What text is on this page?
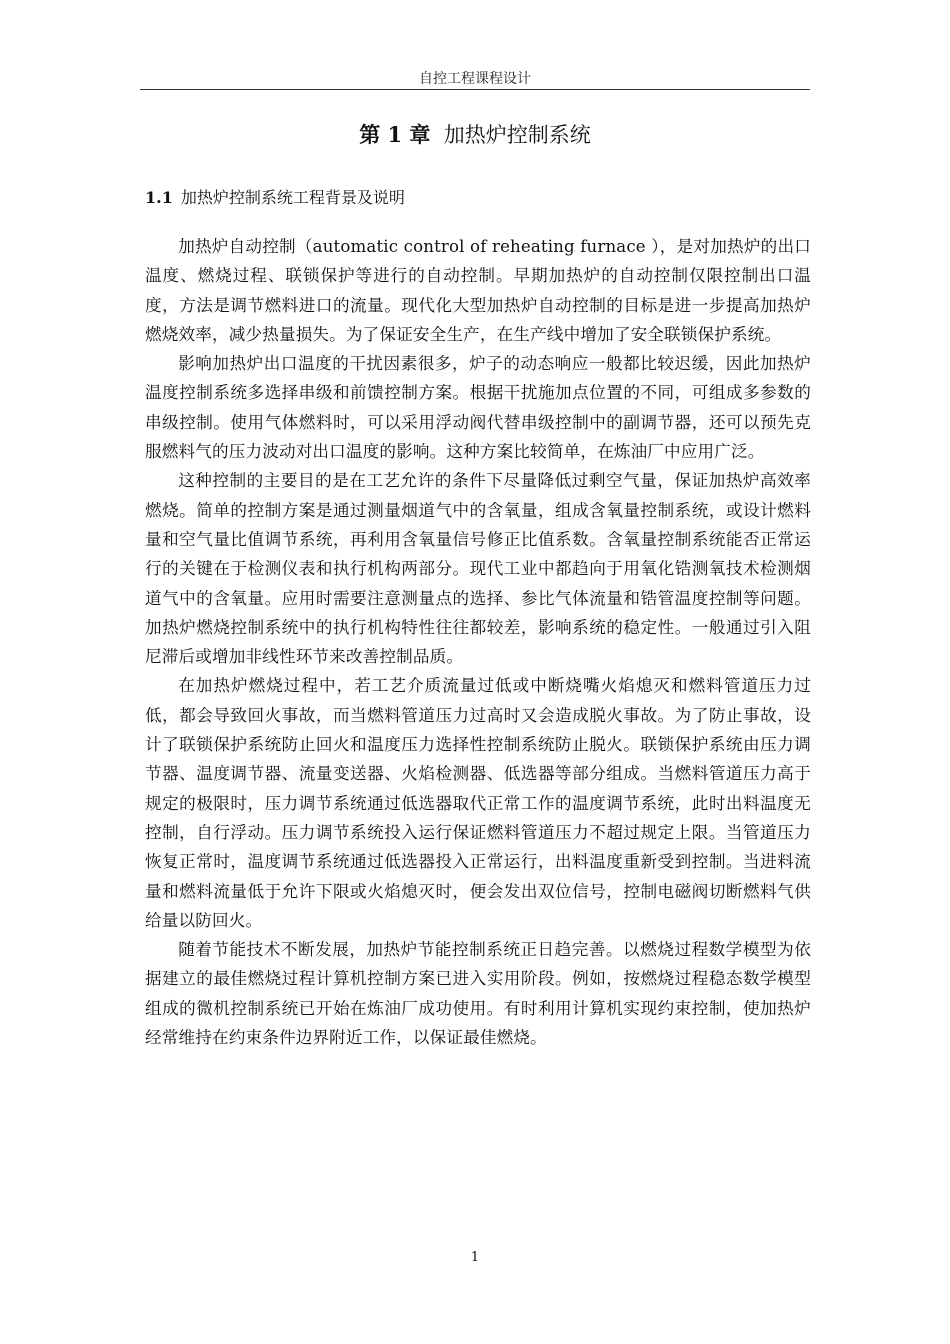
自控工程课程设计
第 1 章 加热炉控制系统
1.1 加热炉控制系统工程背景及说明

加热炉自动控制（automatic control of reheating furnace ），是对加热炉的出口温度、燃烧过程、联锁保护等进行的自动控制。早期加热炉的自动控制仅限控制出口温度，方法是调节燃料进口的流量。现代化大型加热炉自动控制的目标是进一步提高加热炉燃烧效率，减少热量损失。为了保证安全生产，在生产线中增加了安全联锁保护系统。

影响加热炉出口温度的干扰因素很多，炉子的动态响应一般都比较迟缓，因此加热炉温度控制系统多选择串级和前馈控制方案。根据干扰施加点位置的不同，可组成多参数的串级控制。使用气体燃料时，可以采用浮动阀代替串级控制中的副调节器，还可以预先克服燃料气的压力波动对出口温度的影响。这种方案比较简单，在炼油厂中应用广泛。

这种控制的主要目的是在工艺允许的条件下尽量降低过剩空气量，保证加热炉高效率燃烧。简单的控制方案是通过测量烟道气中的含氧量，组成含氧量控制系统，或设计燃料量和空气量比值调节系统，再利用含氧量信号修正比值系数。含氧量控制系统能否正常运行的关键在于检测仪表和执行机构两部分。现代工业中都趋向于用氧化锆测氧技术检测烟道气中的含氧量。应用时需要注意测量点的选择、参比气体流量和锆管温度控制等问题。加热炉燃烧控制系统中的执行机构特性往往都较差，影响系统的稳定性。一般通过引入阻尼滞后或增加非线性环节来改善控制品质。

在加热炉燃烧过程中，若工艺介质流量过低或中断烧嘴火焰熄灭和燃料管道压力过低，都会导致回火事故，而当燃料管道压力过高时又会造成脱火事故。为了防止事故，设计了联锁保护系统防止回火和温度压力选择性控制系统防止脱火。联锁保护系统由压力调节器、温度调节器、流量变送器、火焰检测器、低选器等部分组成。当燃料管道压力高于规定的极限时，压力调节系统通过低选器取代正常工作的温度调节系统，此时出料温度无控制，自行浮动。压力调节系统投入运行保证燃料管道压力不超过规定上限。当管道压力恢复正常时，温度调节系统通过低选器投入正常运行，出料温度重新受到控制。当进料流量和燃料流量低于允许下限或火焰熄灭时，便会发出双位信号，控制电磁阀切断燃料气供给量以防回火。

随着节能技术不断发展，加热炉节能控制系统正日趋完善。以燃烧过程数学模型为依据建立的最佳燃烧过程计算机控制方案已进入实用阶段。例如，按燃烧过程稳态数学模型组成的微机控制系统已开始在炼油厂成功使用。有时利用计算机实现约束控制，使加热炉经常维持在约束条件边界附近工作，以保证最佳燃烧。

1
